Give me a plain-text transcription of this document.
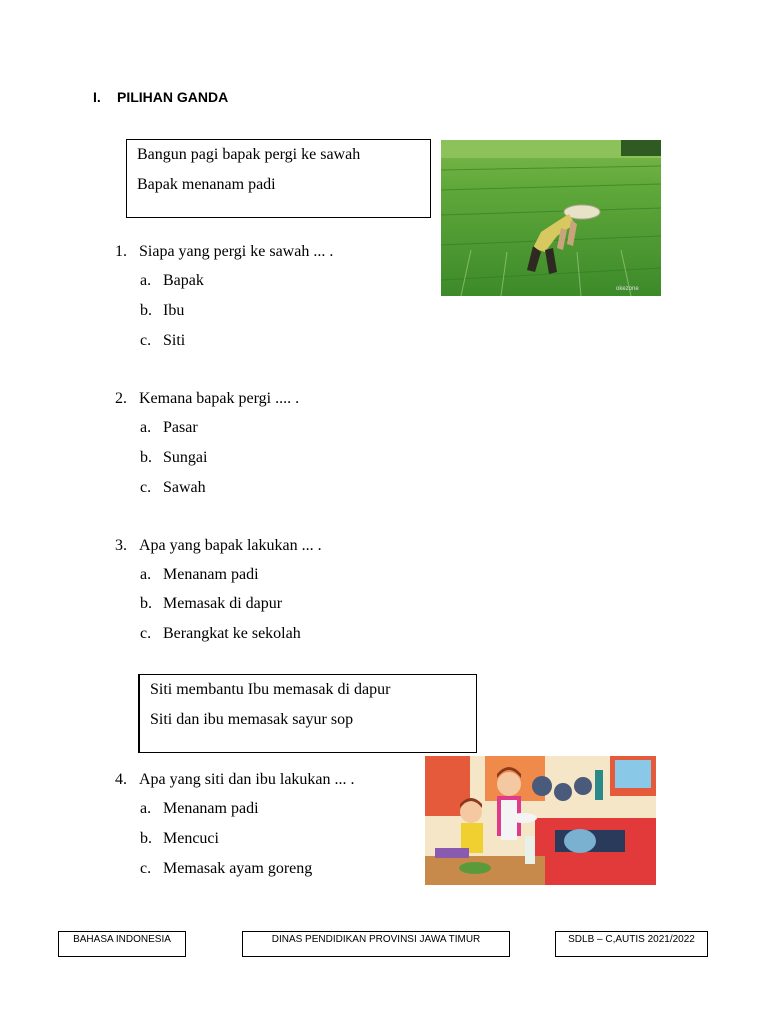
I. PILIHAN GANDA

Bangun pagi bapak pergi ke sawah

Bapak menanam padi

okezone
1. Siapa yang pergi ke sawah ... .
a. Bapak
b. Ibu
c. Siti
2. Kemana bapak pergi .... .
a. Pasar
b. Sungai
c. Sawah
3. Apa yang bapak lakukan ... .
a. Menanam padi
b. Memasak di dapur
c. Berangkat ke sekolah

Siti membantu Ibu memasak di dapur

Siti dan ibu memasak sayur sop

4. Apa yang siti dan ibu lakukan ... .
a. Menanam padi
b. Mencuci
c. Memasak ayam goreng
BAHASA INDONESIA	DINAS PENDIDIKAN PROVINSI JAWA TIMUR	SDLB – C,AUTIS 2021/2022
